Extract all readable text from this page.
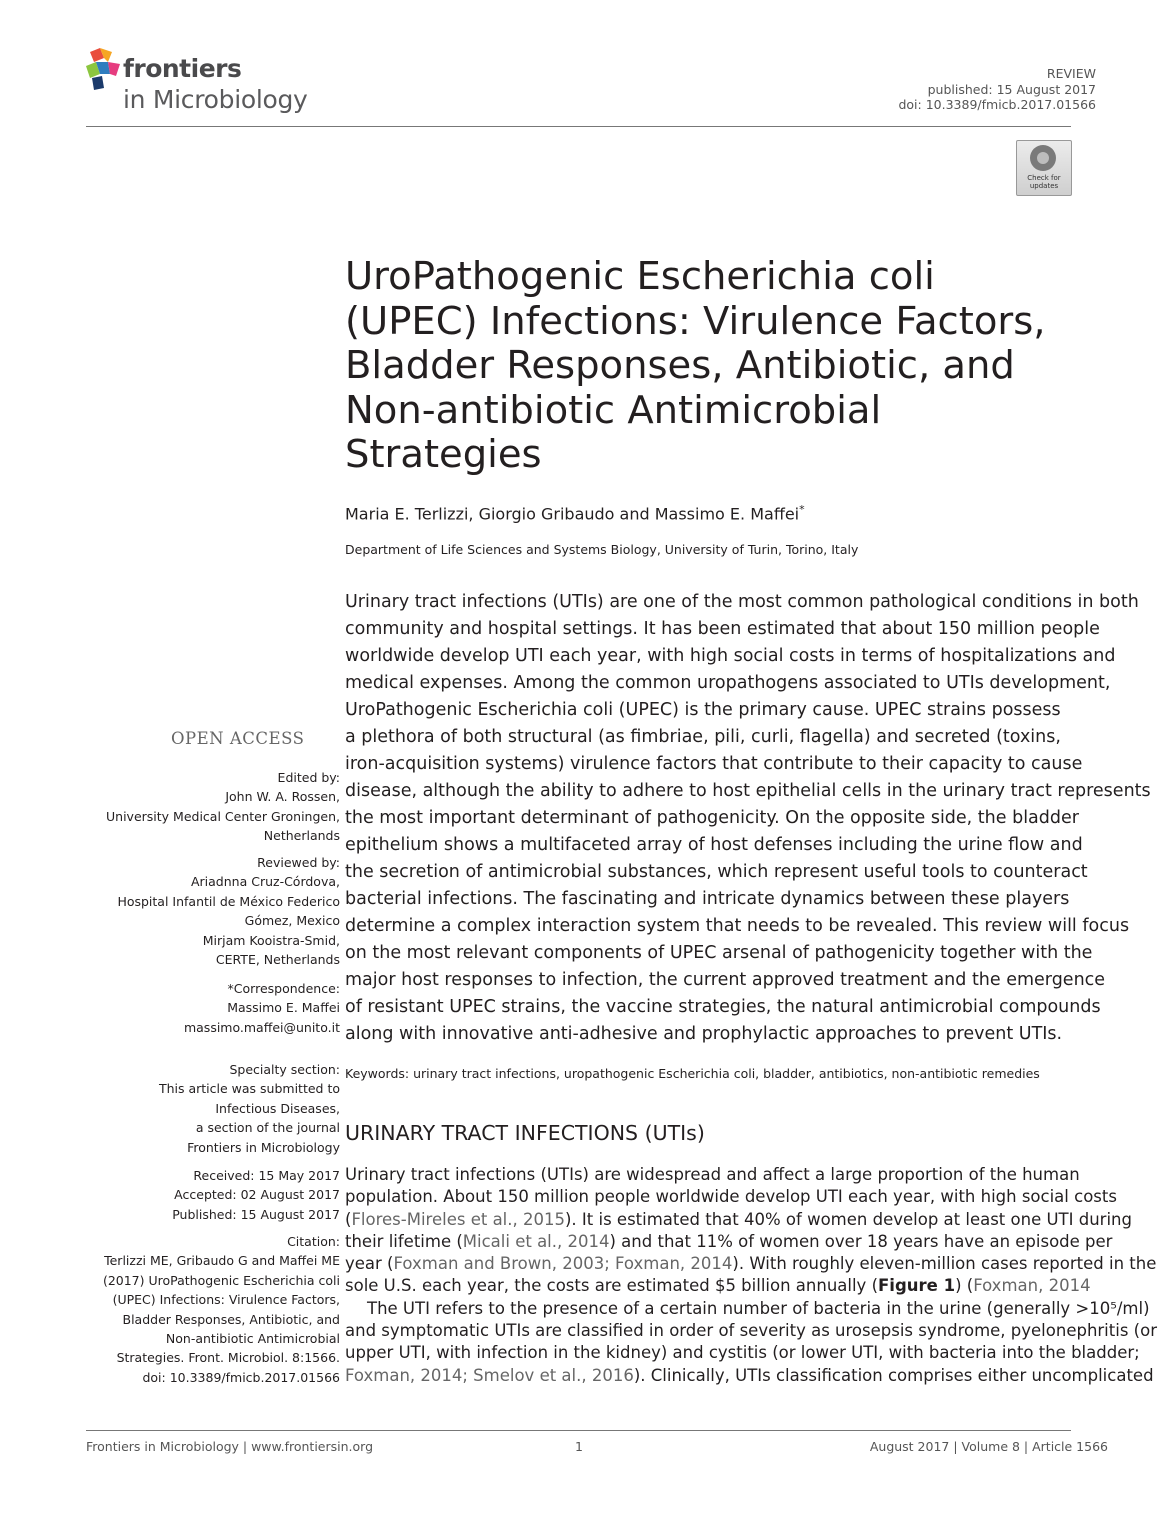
frontiers
in Microbiology
REVIEW
published: 15 August 2017
doi: 10.3389/fmicb.2017.01566
Check for updates
UroPathogenic Escherichia coli
(UPEC) Infections: Virulence Factors,
Bladder Responses, Antibiotic, and
Non-antibiotic Antimicrobial
Strategies
Maria E. Terlizzi, Giorgio Gribaudo and Massimo E. Maffei*
Department of Life Sciences and Systems Biology, University of Turin, Torino, Italy
Urinary tract infections (UTIs) are one of the most common pathological conditions in both
community and hospital settings. It has been estimated that about 150 million people
worldwide develop UTI each year, with high social costs in terms of hospitalizations and
medical expenses. Among the common uropathogens associated to UTIs development,
UroPathogenic Escherichia coli (UPEC) is the primary cause. UPEC strains possess
a plethora of both structural (as fimbriae, pili, curli, flagella) and secreted (toxins,
iron-acquisition systems) virulence factors that contribute to their capacity to cause
disease, although the ability to adhere to host epithelial cells in the urinary tract represents
the most important determinant of pathogenicity. On the opposite side, the bladder
epithelium shows a multifaceted array of host defenses including the urine flow and
the secretion of antimicrobial substances, which represent useful tools to counteract
bacterial infections. The fascinating and intricate dynamics between these players
determine a complex interaction system that needs to be revealed. This review will focus
on the most relevant components of UPEC arsenal of pathogenicity together with the
major host responses to infection, the current approved treatment and the emergence
of resistant UPEC strains, the vaccine strategies, the natural antimicrobial compounds
along with innovative anti-adhesive and prophylactic approaches to prevent UTIs.
Keywords: urinary tract infections, uropathogenic Escherichia coli, bladder, antibiotics, non-antibiotic remedies
URINARY TRACT INFECTIONS (UTIs)
Urinary tract infections (UTIs) are widespread and affect a large proportion of the human
population. About 150 million people worldwide develop UTI each year, with high social costs
(Flores-Mireles et al., 2015). It is estimated that 40% of women develop at least one UTI during
their lifetime (Micali et al., 2014) and that 11% of women over 18 years have an episode per
year (Foxman and Brown, 2003; Foxman, 2014). With roughly eleven-million cases reported in the
sole U.S. each year, the costs are estimated $5 billion annually (Figure 1) (Foxman, 2014
The UTI refers to the presence of a certain number of bacteria in the urine (generally >10⁵/ml)
and symptomatic UTIs are classified in order of severity as urosepsis syndrome, pyelonephritis (or
upper UTI, with infection in the kidney) and cystitis (or lower UTI, with bacteria into the bladder;
Foxman, 2014; Smelov et al., 2016). Clinically, UTIs classification comprises either uncomplicated
OPEN ACCESS
Edited by:
John W. A. Rossen,
University Medical Center Groningen,
Netherlands
Reviewed by:
Ariadnna Cruz-Córdova,
Hospital Infantil de México Federico
Gómez, Mexico
Mirjam Kooistra-Smid,
CERTE, Netherlands
*Correspondence:
Massimo E. Maffei
massimo.maffei@unito.it
Specialty section:
This article was submitted to
Infectious Diseases,
a section of the journal
Frontiers in Microbiology
Received: 15 May 2017
Accepted: 02 August 2017
Published: 15 August 2017
Citation:
Terlizzi ME, Gribaudo G and Maffei ME
(2017) UroPathogenic Escherichia coli
(UPEC) Infections: Virulence Factors,
Bladder Responses, Antibiotic, and
Non-antibiotic Antimicrobial
Strategies. Front. Microbiol. 8:1566.
doi: 10.3389/fmicb.2017.01566
Frontiers in Microbiology | www.frontiersin.org	1	August 2017 | Volume 8 | Article 1566
